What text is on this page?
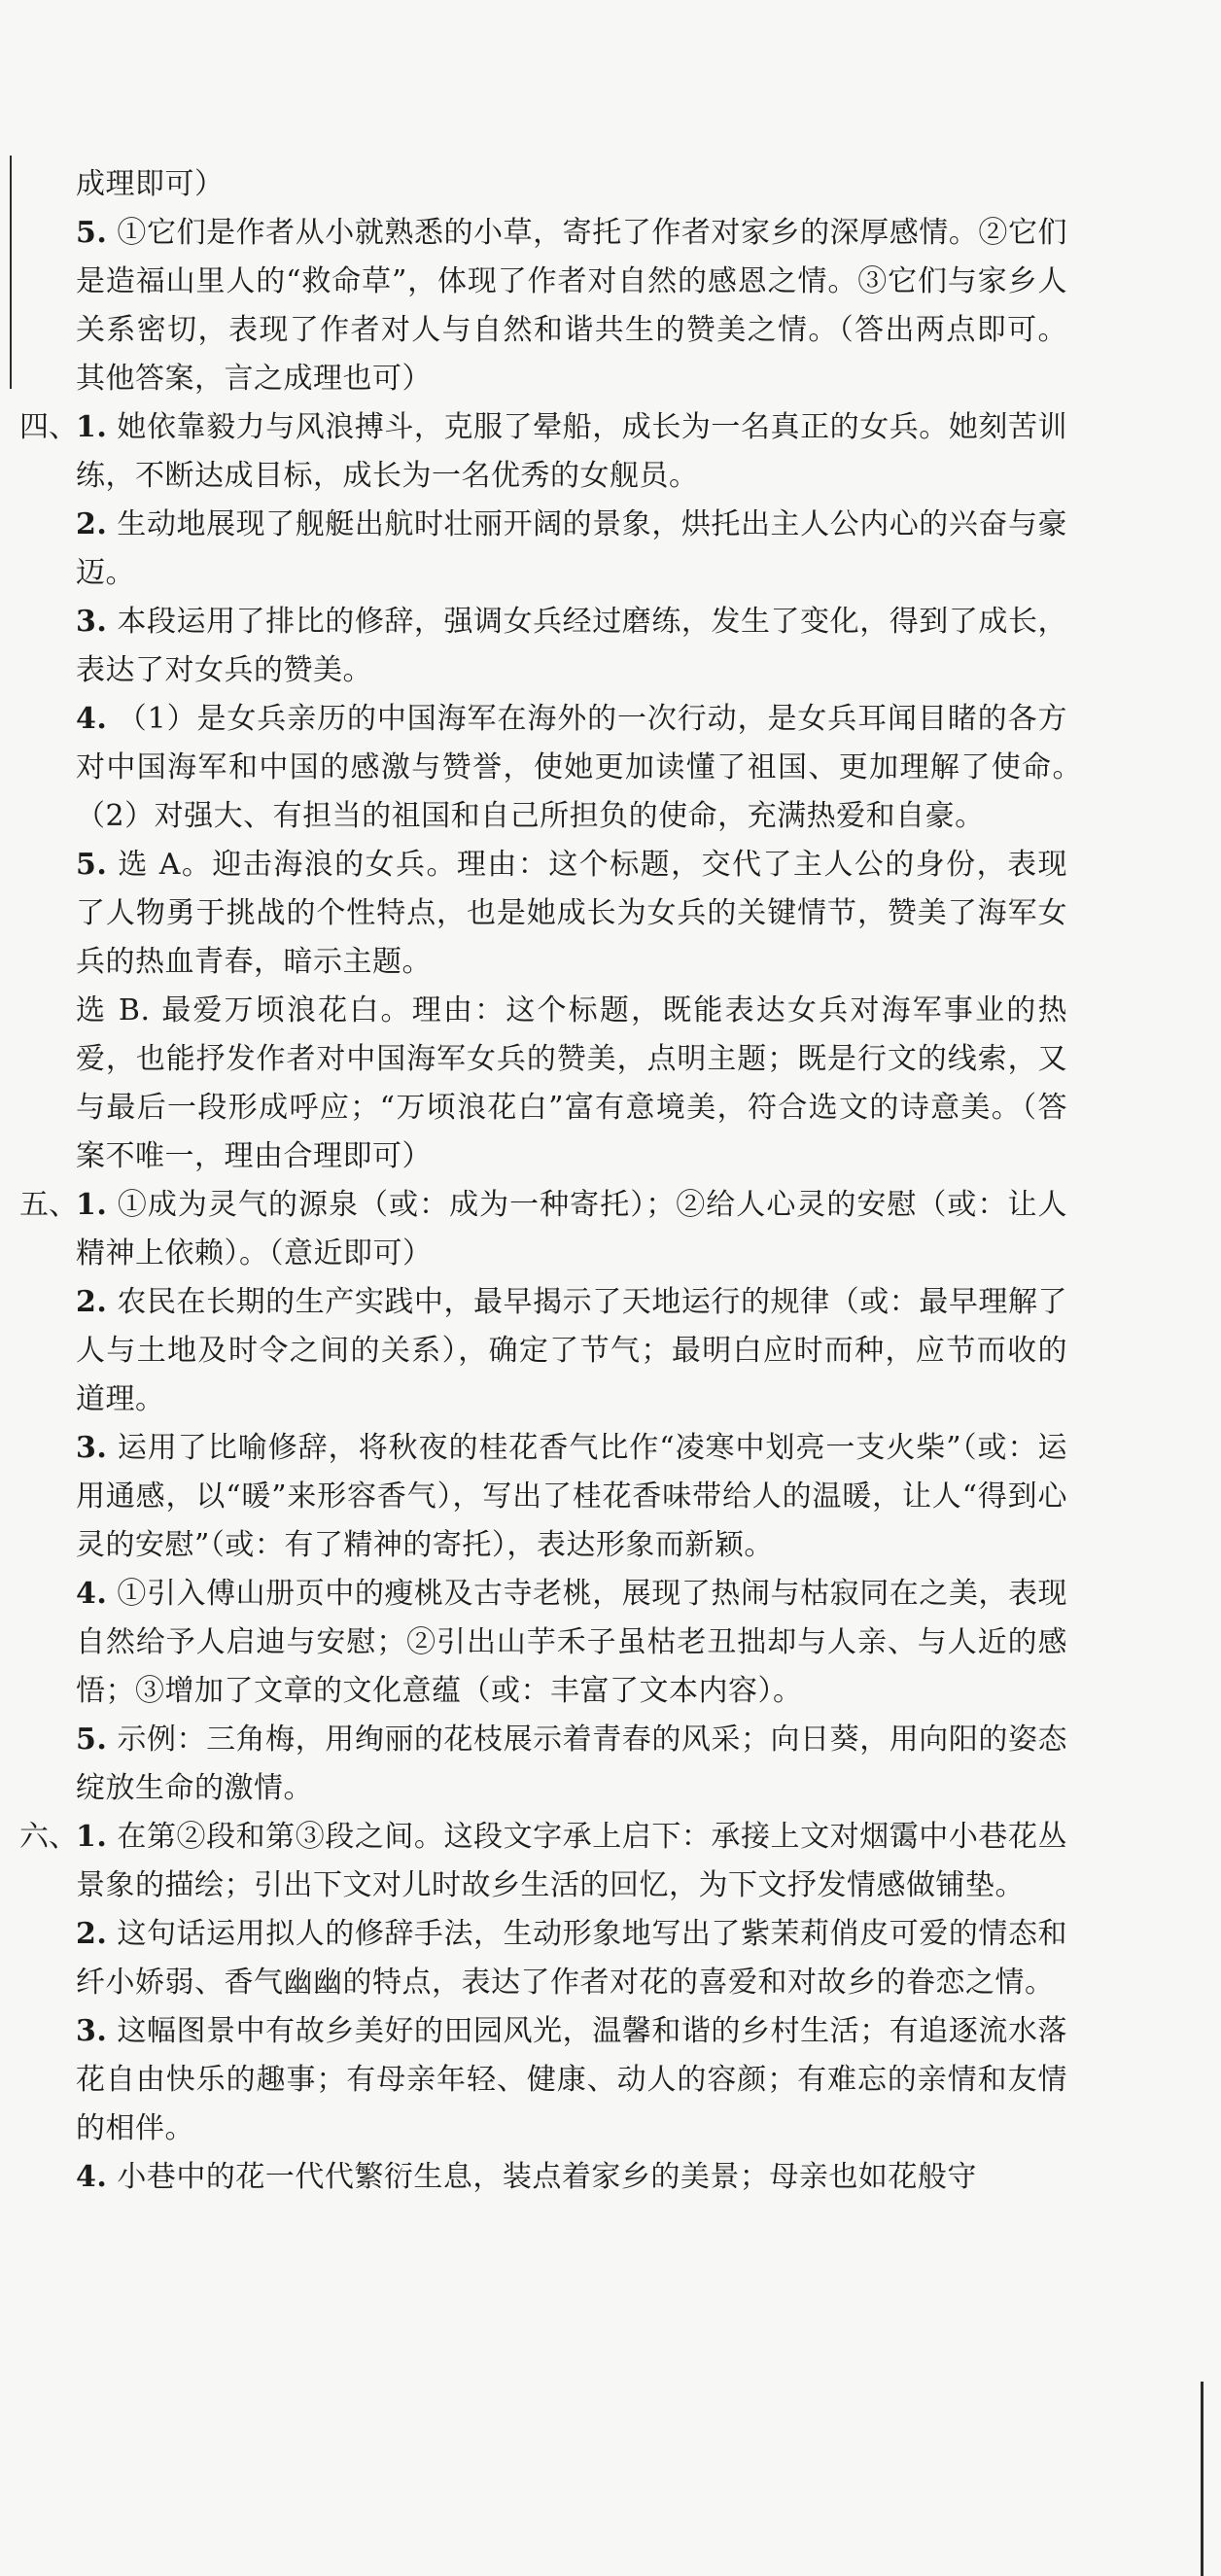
成理即可）
5. ①它们是作者从小就熟悉的小草，寄托了作者对家乡的深厚感情。②它们是造福山里人的“救命草”，体现了作者对自然的感恩之情。③它们与家乡人关系密切，表现了作者对人与自然和谐共生的赞美之情。（答出两点即可。其他答案，言之成理也可）
四、
1. 她依靠毅力与风浪搏斗，克服了晕船，成长为一名真正的女兵。她刻苦训练，不断达成目标，成长为一名优秀的女舰员。
2. 生动地展现了舰艇出航时壮丽开阔的景象，烘托出主人公内心的兴奋与豪迈。
3. 本段运用了排比的修辞，强调女兵经过磨练，发生了变化，得到了成长，表达了对女兵的赞美。
4. （1）是女兵亲历的中国海军在海外的一次行动，是女兵耳闻目睹的各方对中国海军和中国的感激与赞誉，使她更加读懂了祖国、更加理解了使命。　（2）对强大、有担当的祖国和自己所担负的使命，充满热爱和自豪。
5. 选 A。迎击海浪的女兵。理由：这个标题，交代了主人公的身份，表现了人物勇于挑战的个性特点，也是她成长为女兵的关键情节，赞美了海军女兵的热血青春，暗示主题。
选 B. 最爱万顷浪花白。理由：这个标题，既能表达女兵对海军事业的热爱，也能抒发作者对中国海军女兵的赞美，点明主题；既是行文的线索，又与最后一段形成呼应；“万顷浪花白”富有意境美，符合选文的诗意美。（答案不唯一，理由合理即可）
五、
1. ①成为灵气的源泉（或：成为一种寄托）；②给人心灵的安慰（或：让人精神上依赖）。（意近即可）
2. 农民在长期的生产实践中，最早揭示了天地运行的规律（或：最早理解了人与土地及时令之间的关系），确定了节气；最明白应时而种，应节而收的道理。
3. 运用了比喻修辞，将秋夜的桂花香气比作“凌寒中划亮一支火柴”（或：运用通感，以“暖”来形容香气），写出了桂花香味带给人的温暖，让人“得到心灵的安慰”（或：有了精神的寄托），表达形象而新颖。
4. ①引入傅山册页中的瘦桃及古寺老桃，展现了热闹与枯寂同在之美，表现自然给予人启迪与安慰；②引出山芋禾子虽枯老丑拙却与人亲、与人近的感悟；③增加了文章的文化意蕴（或：丰富了文本内容）。
5. 示例：三角梅，用绚丽的花枝展示着青春的风采；向日葵，用向阳的姿态绽放生命的激情。
六、
1. 在第②段和第③段之间。这段文字承上启下：承接上文对烟霭中小巷花丛景象的描绘；引出下文对儿时故乡生活的回忆，为下文抒发情感做铺垫。
2. 这句话运用拟人的修辞手法，生动形象地写出了紫茉莉俏皮可爱的情态和纤小娇弱、香气幽幽的特点，表达了作者对花的喜爱和对故乡的眷恋之情。
3. 这幅图景中有故乡美好的田园风光，温馨和谐的乡村生活；有追逐流水落花自由快乐的趣事；有母亲年轻、健康、动人的容颜；有难忘的亲情和友情的相伴。
4. 小巷中的花一代代繁衍生息，装点着家乡的美景；母亲也如花般守
